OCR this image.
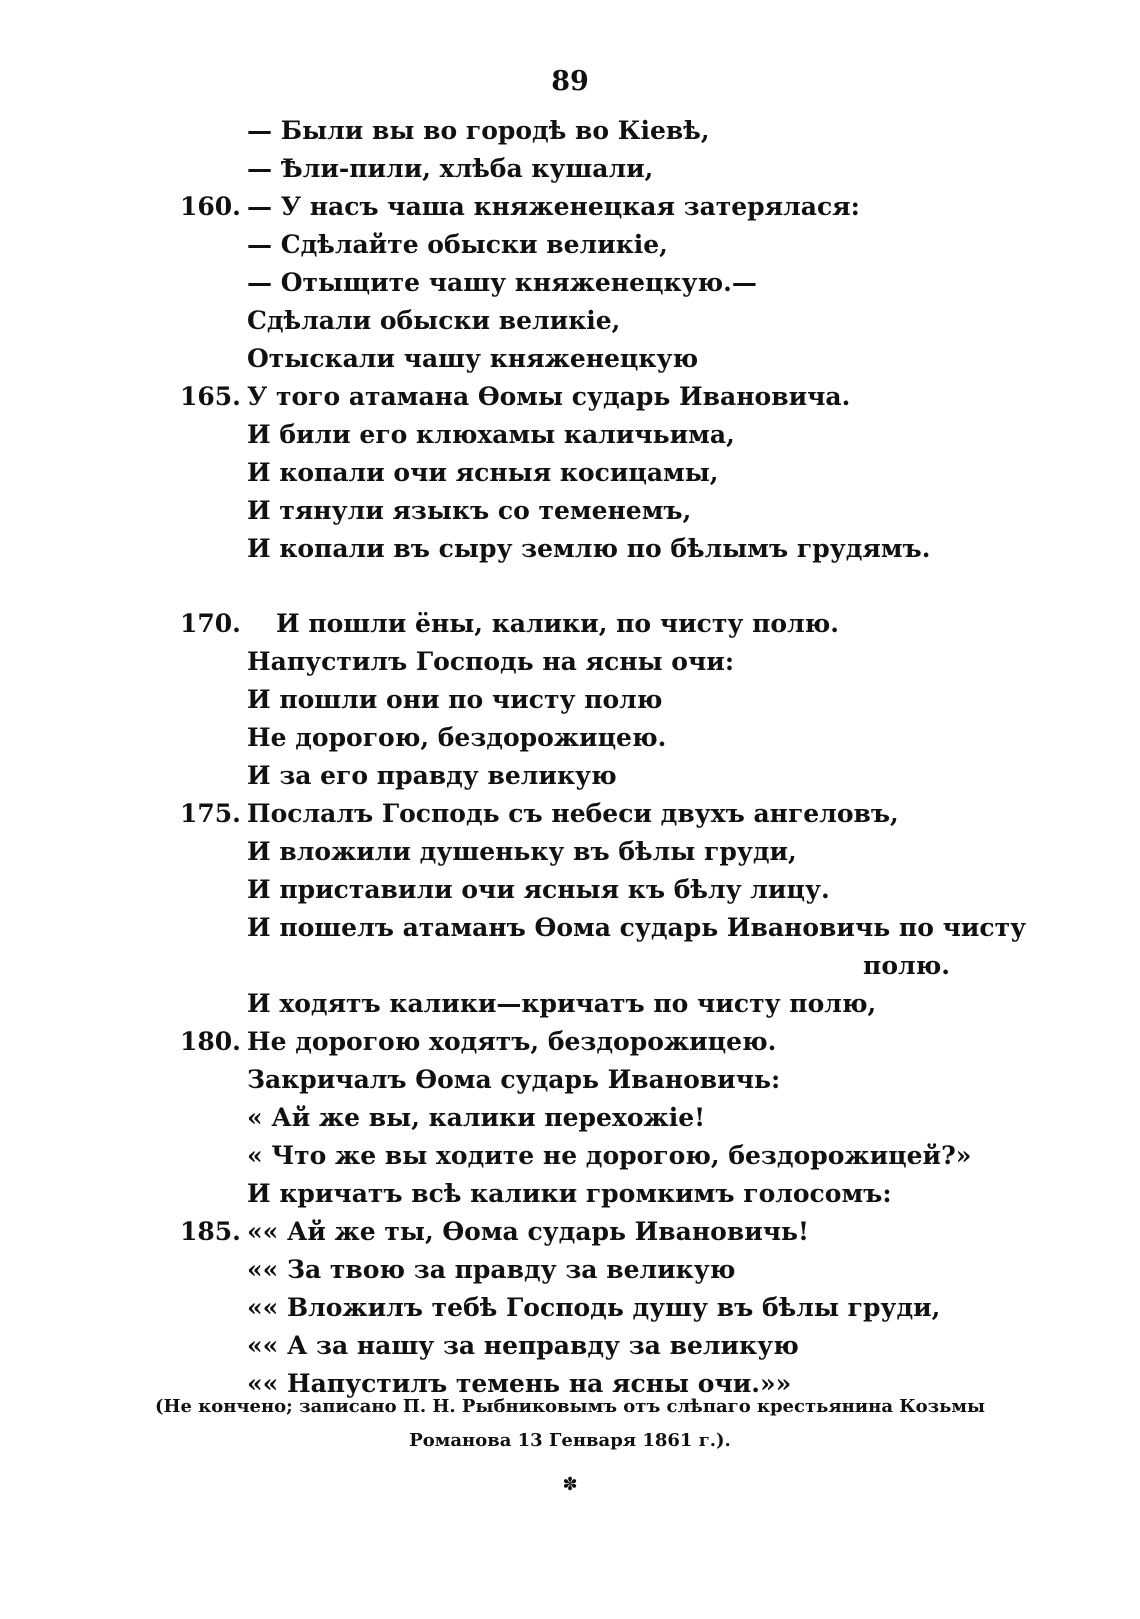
89
— Были вы во городѣ во Кіевѣ,
— Ѣли-пили, хлѣба кушали,
160. — У насъ чаша княженецкая затерялася:
— Сдѣлайте обыски великіе,
— Отыщите чашу княженецкую.—
Сдѣлали обыски великіе,
Отыскали чашу княженецкую
165. У того атамана Ѳомы сударь Ивановича.
И били его клюхамы каличьима,
И копали очи ясныя косицамы,
И тянули языкъ со теменемъ,
И копали въ сыру землю по бѣлымъ грудямъ.
170. И пошли ёны, калики, по чисту полю.
Напустилъ Господь на ясны очи:
И пошли они по чисту полю
Не дорогою, бездорожицею.
И за его правду великую
175. Послалъ Господь съ небеси двухъ ангеловъ,
И вложили душеньку въ бѣлы груди,
И приставили очи ясныя къ бѣлу лицу.
И пошелъ атаманъ Ѳома сударь Ивановичь по чисту
полю.
И ходятъ калики—кричатъ по чисту полю,
180. Не дорогою ходятъ, бездорожицею.
Закричалъ Ѳома сударь Ивановичь:
« Ай же вы, калики перехожіе!
« Что же вы ходите не дорогою, бездорожицей?»
И кричатъ всѣ калики громкимъ голосомъ:
185. «« Ай же ты, Ѳома сударь Ивановичь!
«« За твою за правду за великую
«« Вложилъ тебѣ Господь душу въ бѣлы груди,
«« А за нашу за неправду за великую
«« Напустилъ темень на ясны очи.»»
(Не кончено; записано П. Н. Рыбниковымъ отъ слѣпаго крестьянина Козьмы
Романова 13 Генваря 1861 г.).
✽
